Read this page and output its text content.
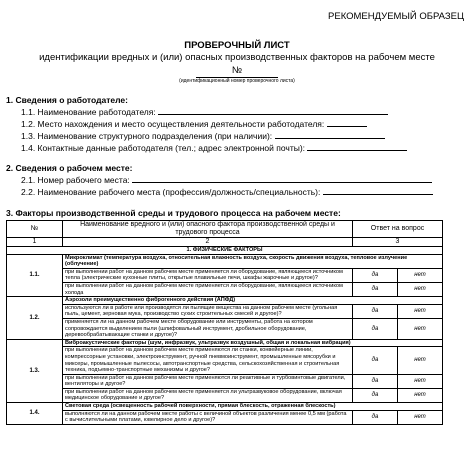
РЕКОМЕНДУЕМЫЙ ОБРАЗЕЦ
ПРОВЕРОЧНЫЙ ЛИСТ
идентификации вредных и (или) опасных производственных факторов на рабочем месте
№
(идентификационный номер проверочного листа)
1. Сведения о работодателе:
1.1. Наименование работодателя:
1.2. Место нахождения и место осуществления деятельности работодателя:
1.3. Наименование структурного подразделения (при наличии):
1.4. Контактные данные работодателя (тел.; адрес электронной почты):
2. Сведения о рабочем месте:
2.1. Номер рабочего места:
2.2. Наименование рабочего места (профессия/должность/специальность):
3. Факторы производственной среды и трудового процесса на рабочем месте:
№	Наименование вредного и (или) опасного фактора производственной среды и трудового процесса	Ответ на вопрос	
1	2	3	
1. ФИЗИЧЕСКИЕ ФАКТОРЫ			
1.1.	Микроклимат (температура воздуха, относительная влажность воздуха, скорость движения воздуха, тепловое излучение (облучение)		
	при выполнении работ на данном рабочем месте применяется ли оборудование, являющееся источником тепла (электрические кухонные плиты, открытые плавильные печи, шкафы жарочные и другое)?	да	нет
	при выполнении работ на данном рабочем месте применяется ли оборудование, являющееся источником холода	да	нет
1.2.	Аэрозоли преимущественно фиброгенного действия (АПФД)		
	используются ли в работе или производятся ли пылящие вещества на данном рабочем месте (угольная пыль, цемент, зерновая мука, производство сухих строительных смесей и другое)?	да	нет
	применяется ли на данном рабочем месте оборудование или инструменты, работа на котором сопровождается выделением пыли (шлифовальный инструмент, дробильное оборудование, деревообрабатывающие станки и другое)?	да	нет
1.3.	Виброакустические факторы (шум, инфразвук, ультразвук воздушный, общая и локальная вибрация)		
	при выполнении работ на данном рабочем месте применяются ли станки, конвейерные линии, компрессорные установки, электроинструмент, ручной пневмоинструмент, промышленные мясорубки и миксеры, промышленные пылесосы, автотранспортные средства, сельскохозяйственная и строительная техника, подъемно-транспортные механизмы и другое?	да	нет
	при выполнении работ на данном рабочем месте применяются ли реактивные и турбовинтовые двигатели, вентиляторы и другое?	да	нет
	при выполнении работ на данном рабочем месте применяется ли ультразвуковое оборудование, включая медицинское оборудование и другое?	да	нет
1.4.	Световая среда (освещенность рабочей поверхности, прямая блескость, отраженная блескость)		
	выполняются ли на данном рабочем месте работы с величиной объектов различения менее 0,5 мм (работа с вычислительными платами, ювелирное дело и другое)?	да	нет
